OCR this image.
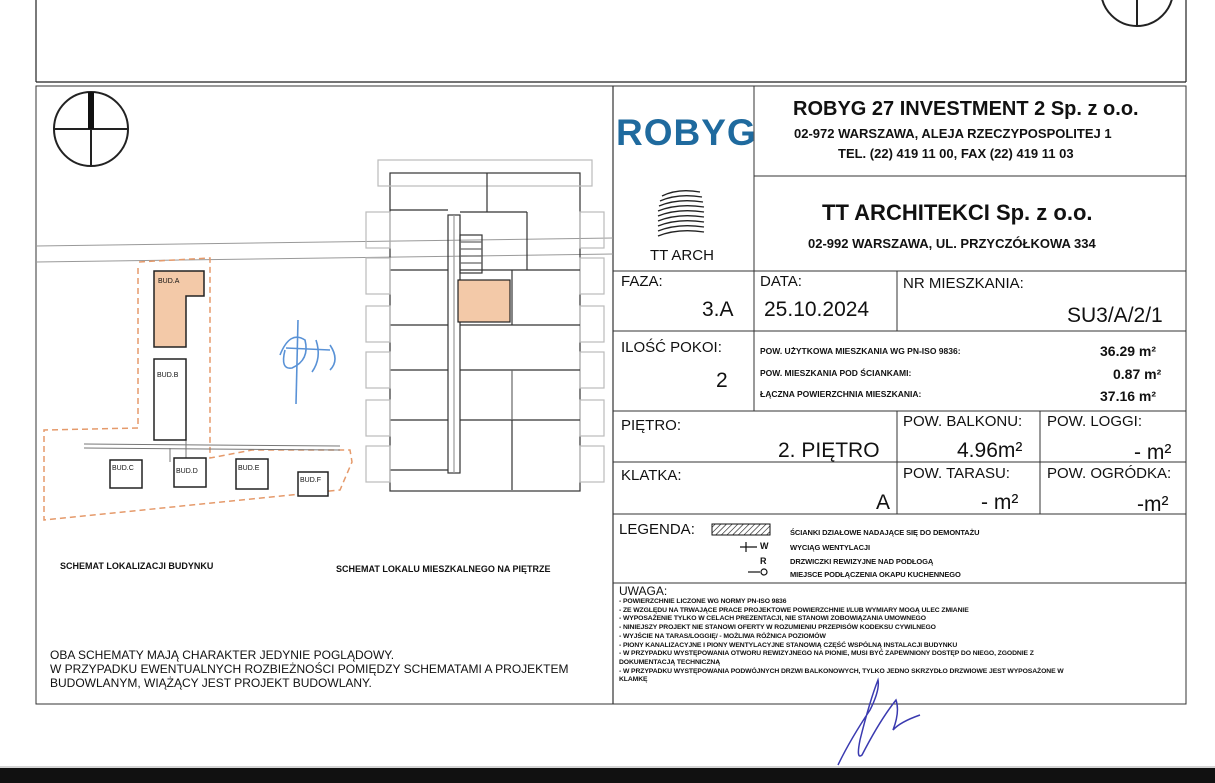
ROBYG
ROBYG 27 INVESTMENT 2 Sp. z o.o.
02-972 WARSZAWA, ALEJA RZECZYPOSPOLITEJ 1
TEL. (22) 419 11 00, FAX (22) 419 11 03
TT ARCH
TT ARCHITEKCI Sp. z o.o.
02-992 WARSZAWA, UL. PRZYCZÓŁKOWA 334
FAZA:
3.A
DATA:
25.10.2024
NR MIESZKANIA:
SU3/A/2/1
ILOŚĆ POKOI:
2
POW. UŻYTKOWA MIESZKANIA WG PN-ISO 9836:	36.29 m²
POW. MIESZKANIA POD ŚCIANKAMI:	0.87 m²
ŁĄCZNA POWIERZCHNIA MIESZKANIA:	37.16 m²
PIĘTRO:
2. PIĘTRO
POW. BALKONU:
4.96m²
POW. LOGGI:
- m²
KLATKA:
A
POW. TARASU:
- m²
POW. OGRÓDKA:
-m²
LEGENDA:
W
R
ŚCIANKI DZIAŁOWE NADAJĄCE SIĘ DO DEMONTAŻU
WYCIĄG WENTYLACJI
DRZWICZKI REWIZYJNE NAD PODŁOGĄ
MIEJSCE PODŁĄCZENIA OKAPU KUCHENNEGO
UWAGA:
- POWIERZCHNIE LICZONE WG NORMY PN-ISO 9836
- ZE WZGLĘDU NA TRWAJĄCE PRACE PROJEKTOWE POWIERZCHNIE I/LUB WYMIARY MOGĄ ULEC ZMIANIE
- WYPOSAŻENIE TYLKO W CELACH PREZENTACJI, NIE STANOWI ZOBOWIĄZANIA UMOWNEGO
- NINIEJSZY PROJEKT NIE STANOWI OFERTY W ROZUMIENIU PRZEPISÓW KODEKSU CYWILNEGO
- WYJŚCIE NA TARAS/LOGGIĘ/ - MOŻLIWA RÓŻNICA POZIOMÓW
- PIONY KANALIZACYJNE I PIONY WENTYLACYJNE STANOWIĄ CZĘŚĆ WSPÓLNĄ INSTALACJI BUDYNKU
- W PRZYPADKU WYSTĘPOWANIA OTWORU REWIZYJNEGO NA PIONIE, MUSI BYĆ ZAPEWNIONY DOSTĘP DO NIEGO, ZGODNIE Z
DOKUMENTACJĄ TECHNICZNĄ
- W PRZYPADKU WYSTĘPOWANIA PODWÓJNYCH DRZWI BALKONOWYCH, TYLKO JEDNO SKRZYDŁO DRZWIOWE JEST WYPOSAŻONE W
KLAMKĘ
BUD.A
BUD.B
BUD.C	BUD.D	BUD.E
BUD.F
SCHEMAT LOKALIZACJI BUDYNKU	SCHEMAT LOKALU MIESZKALNEGO NA PIĘTRZE
OBA SCHEMATY MAJĄ CHARAKTER JEDYNIE POGLĄDOWY.
W PRZYPADKU EWENTUALNYCH ROZBIEŻNOŚCI POMIĘDZY SCHEMATAMI A PROJEKTEM
BUDOWLANYM, WIĄŻĄCY JEST PROJEKT BUDOWLANY.
